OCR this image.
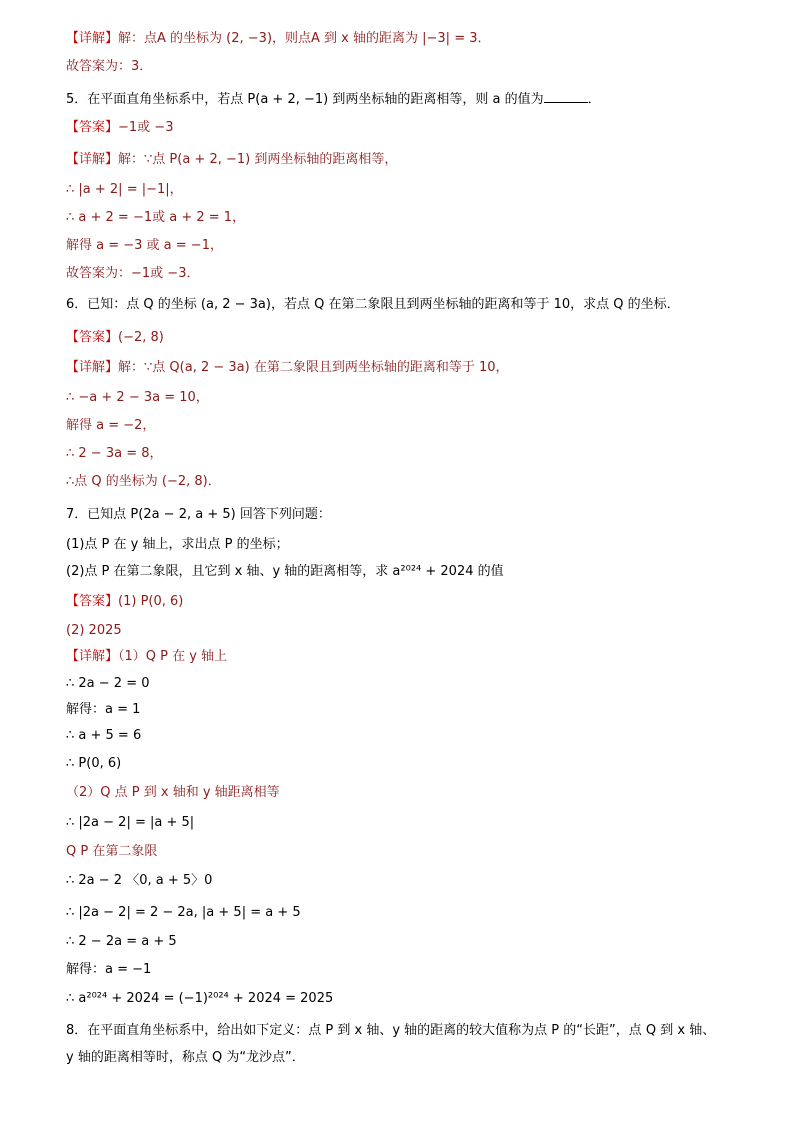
【详解】解：点A 的坐标为 (2, −3)，则点A 到 x 轴的距离为 |−3| = 3．
故答案为：3．
5．在平面直角坐标系中，若点 P(a + 2, −1) 到两坐标轴的距离相等，则 a 的值为	．
【答案】−1或 −3
【详解】解：∵点 P(a + 2, −1) 到两坐标轴的距离相等，
∴ |a + 2| = |−1|，
∴ a + 2 = −1或 a + 2 = 1，
解得 a = −3 或 a = −1，
故答案为：−1或 −3．
6．已知：点 Q 的坐标 (a, 2 − 3a)，若点 Q 在第二象限且到两坐标轴的距离和等于 10，求点 Q 的坐标．
【答案】(−2, 8)
【详解】解：∵点 Q(a, 2 − 3a) 在第二象限且到两坐标轴的距离和等于 10，
∴ −a + 2 − 3a = 10，
解得 a = −2，
∴ 2 − 3a = 8，
∴点 Q 的坐标为 (−2, 8)．
7．已知点 P(2a − 2, a + 5) 回答下列问题：
(1)点 P 在 y 轴上，求出点 P 的坐标；
(2)点 P 在第二象限，且它到 x 轴、y 轴的距离相等，求 a²⁰²⁴ + 2024 的值
【答案】(1) P(0, 6)
(2) 2025
【详解】（1）Q P 在 y 轴上
∴ 2a − 2 = 0
解得：a = 1
∴ a + 5 = 6
∴ P(0, 6)
（2）Q 点 P 到 x 轴和 y 轴距离相等
∴ |2a − 2| = |a + 5|
Q P 在第二象限
∴ 2a − 2 〈0, a + 5〉0
∴ |2a − 2| = 2 − 2a, |a + 5| = a + 5
∴ 2 − 2a = a + 5
解得：a = −1
∴ a²⁰²⁴ + 2024 = (−1)²⁰²⁴ + 2024 = 2025
8．在平面直角坐标系中，给出如下定义：点 P 到 x 轴、y 轴的距离的较大值称为点 P 的“长距”，点 Q 到 x 轴、
y 轴的距离相等时，称点 Q 为“龙沙点”．
